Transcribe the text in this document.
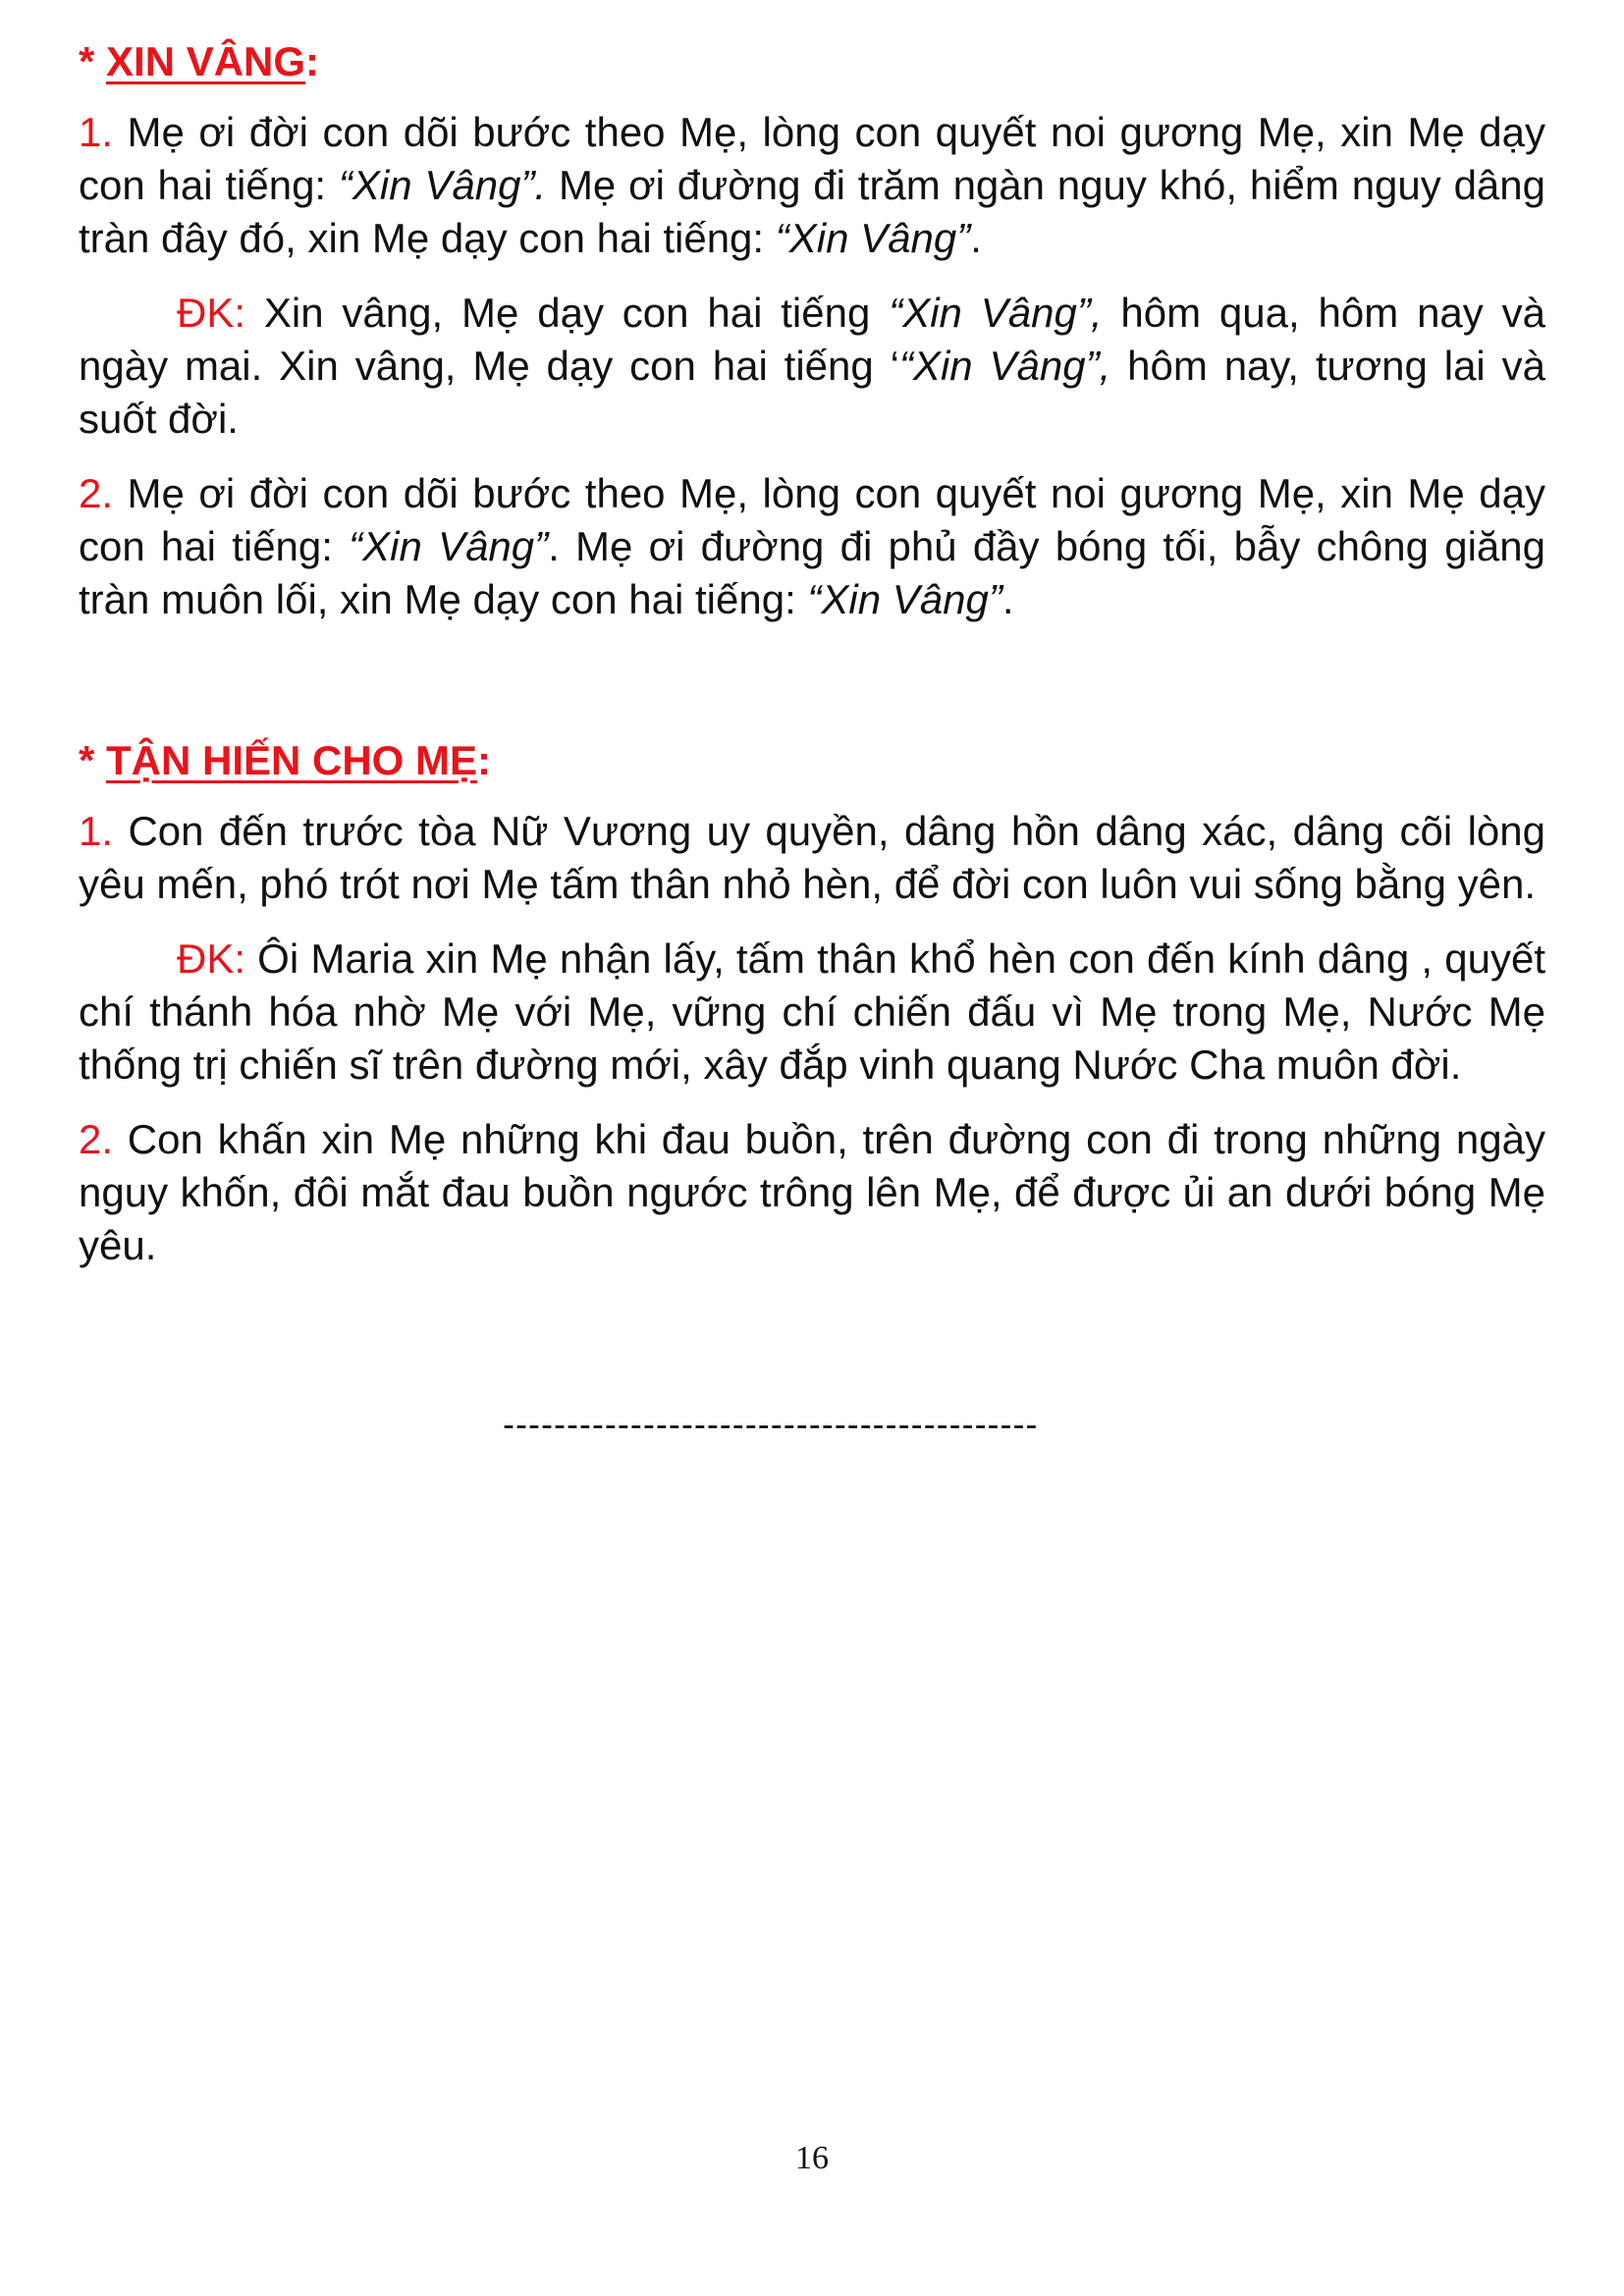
* XIN VÂNG:

1. Mẹ ơi đời con dõi bước theo Mẹ, lòng con quyết noi gương Mẹ, xin Mẹ dạy con hai tiếng: “Xin Vâng”. Mẹ ơi đường đi trăm ngàn nguy khó, hiểm nguy dâng tràn đây đó, xin Mẹ dạy con hai tiếng: “Xin Vâng”.

ĐK: Xin vâng, Mẹ dạy con hai tiếng “Xin Vâng”, hôm qua, hôm nay và ngày mai. Xin vâng, Mẹ dạy con hai tiếng ‘“Xin Vâng”, hôm nay, tương lai và suốt đời.

2. Mẹ ơi đời con dõi bước theo Mẹ, lòng con quyết noi gương Mẹ, xin Mẹ dạy con hai tiếng: “Xin Vâng”. Mẹ ơi đường đi phủ đầy bóng tối, bẫy chông giăng tràn muôn lối, xin Mẹ dạy con hai tiếng: “Xin Vâng”.

* TẬN HIẾN CHO MẸ:

1. Con đến trước tòa Nữ Vương uy quyền, dâng hồn dâng xác, dâng cõi lòng yêu mến, phó trót nơi Mẹ tấm thân nhỏ hèn, để đời con luôn vui sống bằng yên.

ĐK: Ôi Maria xin Mẹ nhận lấy, tấm thân khổ hèn con đến kính dâng , quyết chí thánh hóa nhờ Mẹ với Mẹ, vững chí chiến đấu vì Mẹ trong Mẹ, Nước Mẹ thống trị chiến sĩ trên đường mới, xây đắp vinh quang Nước Cha muôn đời.

2. Con khấn xin Mẹ những khi đau buồn, trên đường con đi trong những ngày nguy khốn, đôi mắt đau buồn ngước trông lên Mẹ, để được ủi an dưới bóng Mẹ yêu.

------------------------------------------
16
